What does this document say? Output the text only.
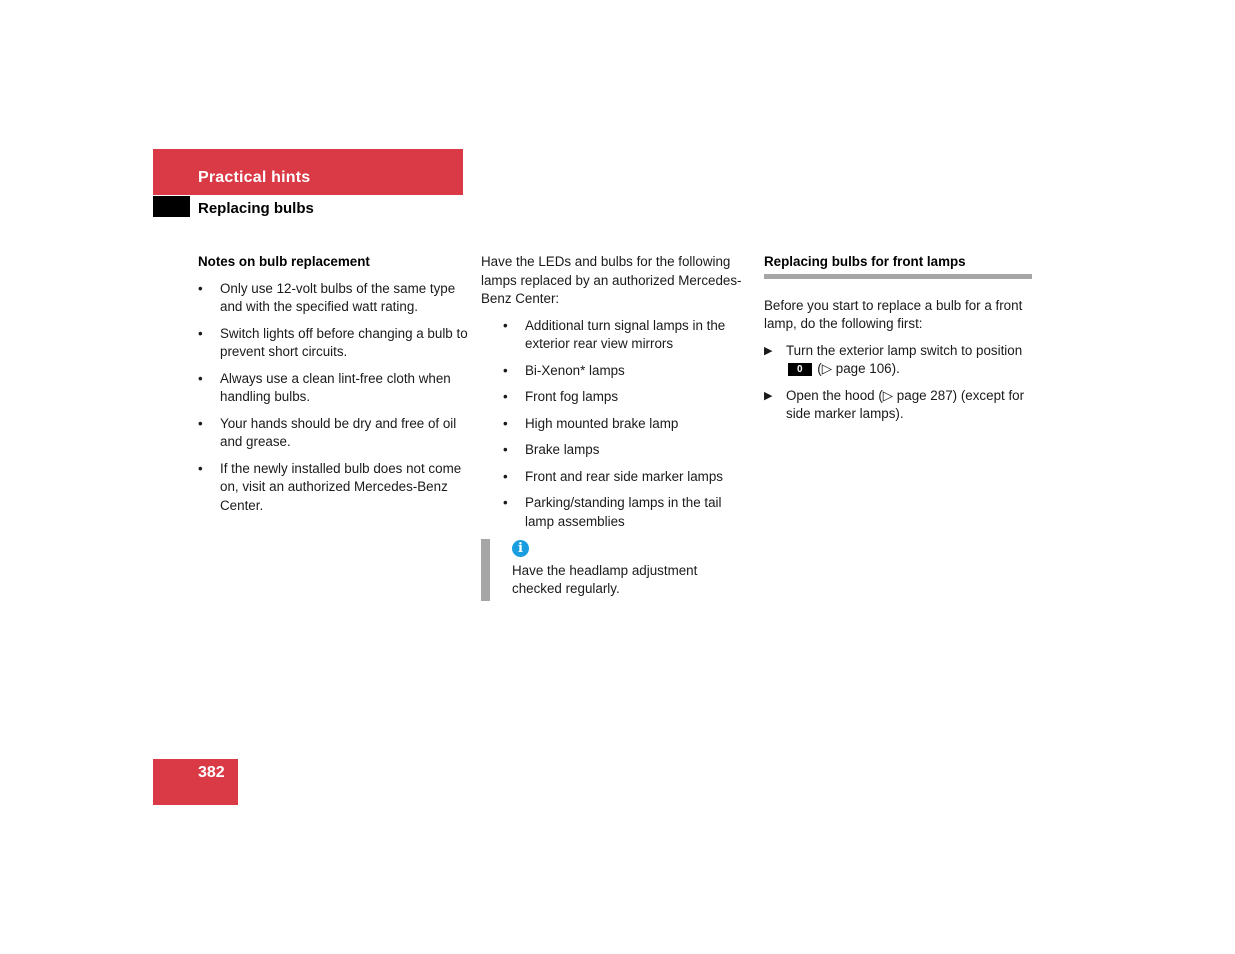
Practical hints
Replacing bulbs
Notes on bulb replacement
•	Only use 12-volt bulbs of the same type and with the specified watt rating.
•	Switch lights off before changing a bulb to prevent short circuits.
•	Always use a clean lint-free cloth when handling bulbs.
•	Your hands should be dry and free of oil and grease.
•	If the newly installed bulb does not come on, visit an authorized Mercedes-Benz Center.

Have the LEDs and bulbs for the following lamps replaced by an authorized Mercedes-Benz Center:

•	Additional turn signal lamps in the exterior rear view mirrors
•	Bi-Xenon* lamps
•	Front fog lamps
•	High mounted brake lamp
•	Brake lamps
•	Front and rear side marker lamps
•	Parking/standing lamps in the tail lamp assemblies
i
Have the headlamp adjustment checked regularly.
Replacing bulbs for front lamps

Before you start to replace a bulb for a front lamp, do the following first:

▶ Turn the exterior lamp switch to position 0 (▷ page 106).
▶ Open the hood (▷ page 287) (except for side marker lamps).
382
